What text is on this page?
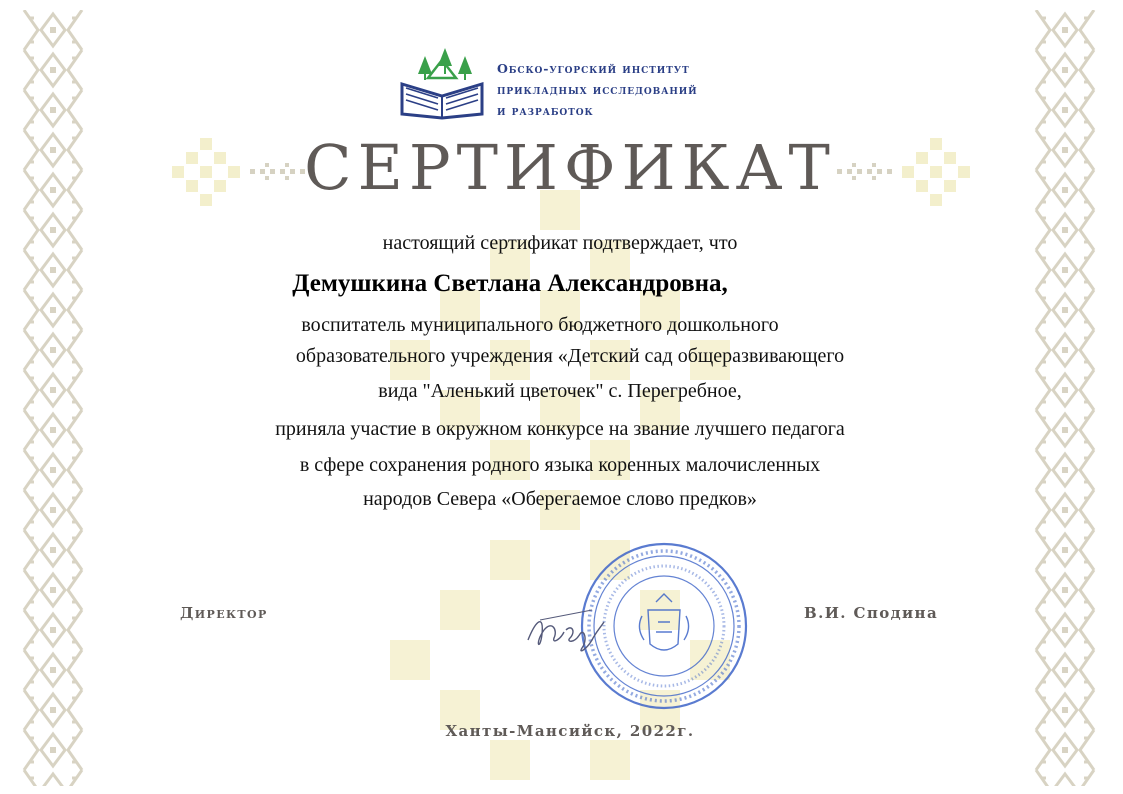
Обско-угорский институт
прикладных исследований
и разработок
СЕРТИФИКАТ
настоящий сертификат подтверждает, что
Демушкина Светлана Александровна,
воспитатель муниципального бюджетного дошкольного
образовательного учреждения «Детский сад общеразвивающего
вида "Аленький цветочек" с. Перегребное,
приняла участие в окружном конкурсе на звание лучшего педагога
в сфере сохранения родного языка коренных малочисленных
народов Севера «Оберегаемое слово предков»
Директор	В.И. Сподина
Ханты-Мансийск, 2022г.
